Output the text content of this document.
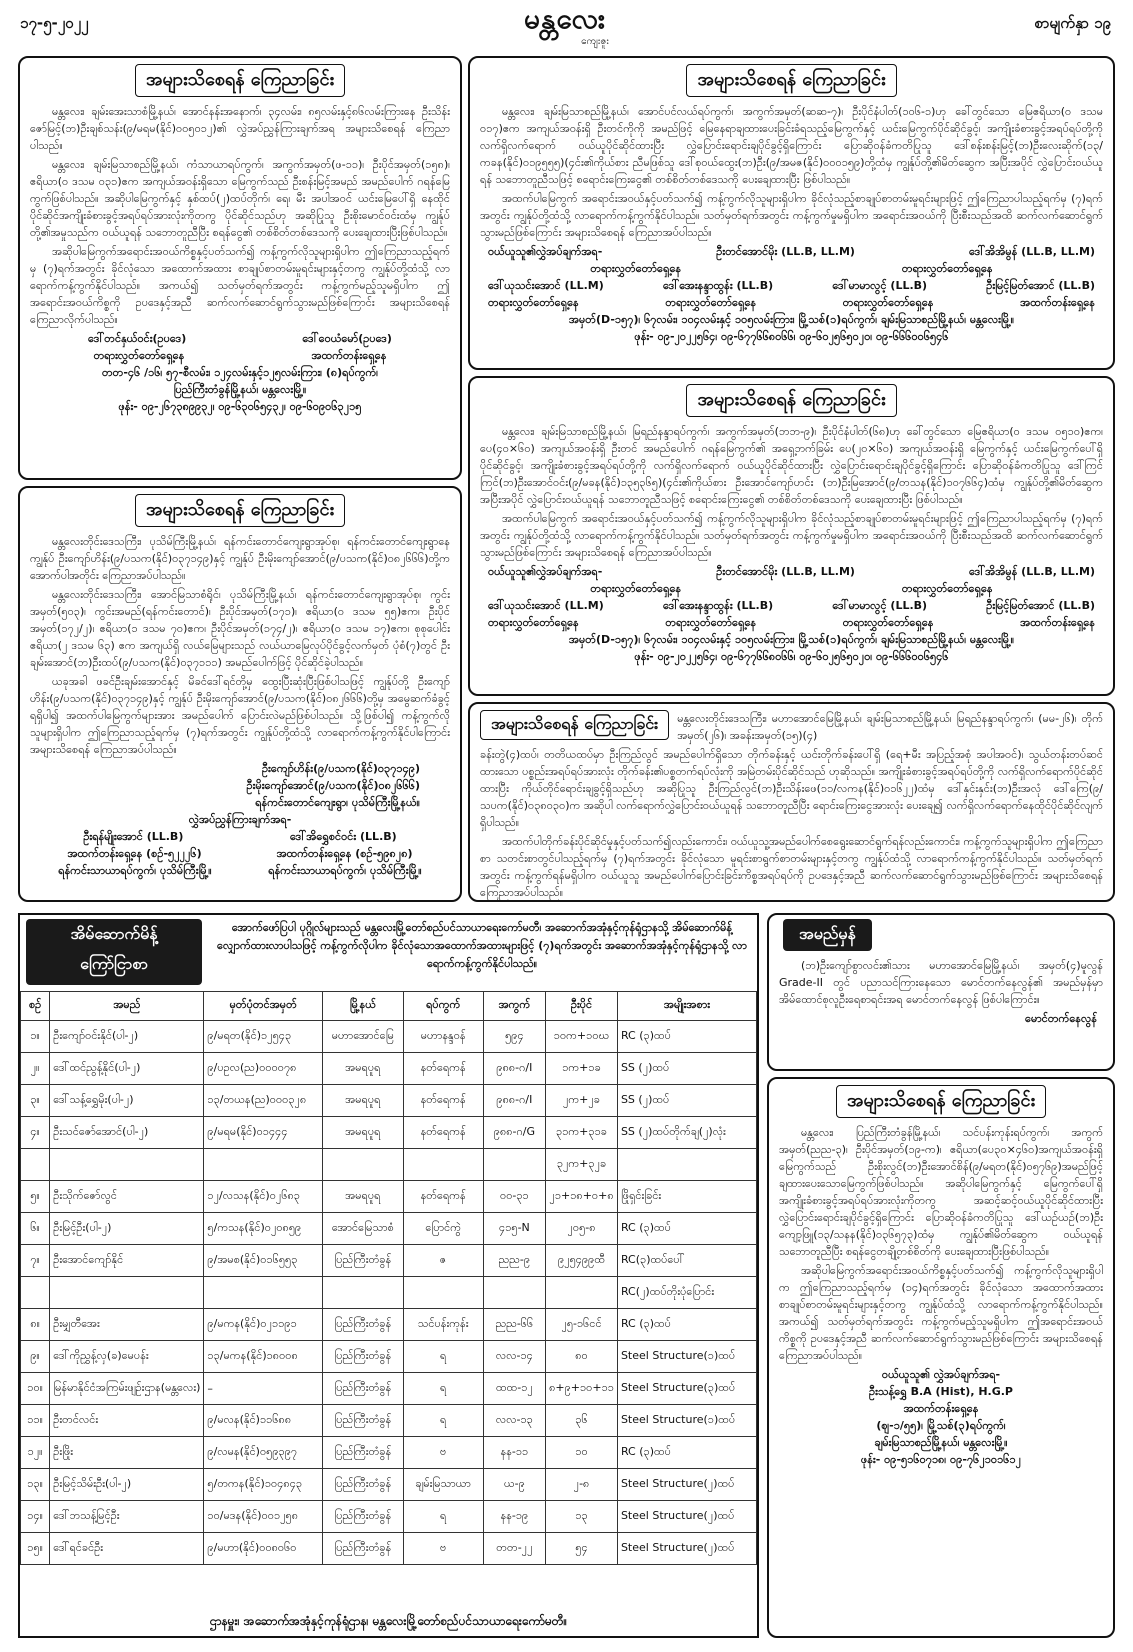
၁၇-၅-၂၀၂၂	မန္တလေး
ကျေးဇူး
စာမျက်နှာ ၁၉
အများသိစေရန် ကြေညာခြင်း

မန္တလေး၊ ချမ်းအေးသာစံမြို့နယ်၊ အောင်နန်းအနောက်၊ ၃၄လမ်း၊ ၈၅လမ်းနှင့်၈၆လမ်းကြားနေ ဦးသိန်းဇော်မြင့်(ဘ)ဦးချစ်သန်း(၉/မရမ(နိုင်)၀၀၅၀၁၂)၏ လွှဲအပ်ညွှန်ကြားချက်အရ အများသိစေရန် ကြေညာပါသည်။

မန္တလေး၊ ချမ်းမြသာစည်မြို့နယ်၊ ကံသာယာရပ်ကွက်၊ အကွက်အမှတ်(ဖ-၁၁)၊ ဦးပိုင်အမှတ်(၁၅၈)၊ ဧရိယာ(၀ ဒသမ ၀၃၁)ဧက အကျယ်အဝန်းရှိသော မြေကွက်သည် ဦးစန်းမြင့်အမည် အမည်ပေါက် ဂရန်မြေကွက်ဖြစ်ပါသည်။ အဆိုပါမြေကွက်နှင့် နှစ်ထပ်(၂)ထပ်တိုက်၊ ရေ၊ မီး အပါအဝင် ယင်းမြေပေါ်ရှိ နေထိုင်ပိုင်ဆိုင်အကျိုးခံစားခွင့်အရပ်ရပ်အားလုံးကိုတကွ ပိုင်ဆိုင်သည်ဟု အဆိုပြုသူ ဦးစိုးမောင်ဝင်းထံမှ ကျွန်ုပ်တို့၏အမှုသည်က ဝယ်ယူရန် သဘောတူညီပြီး စရန်ငွေ၏ တစ်စိတ်တစ်ဒေသကို ပေးချေထားပြီးဖြစ်ပါသည်။

အဆိုပါမြေကွက်အရောင်းအဝယ်ကိစ္စနှင့်ပတ်သက်၍ ကန့်ကွက်လိုသူများရှိပါက ဤကြေညာသည့်ရက်မှ (၇)ရက်အတွင်း ခိုင်လုံသော အထောက်အထား စာချုပ်စာတမ်းမူရင်းများနှင့်တကွ ကျွန်ုပ်တို့ထံသို့ လာရောက်ကန့်ကွက်နိုင်ပါသည်။ အကယ်၍ သတ်မှတ်ရက်အတွင်း ကန့်ကွက်မည့်သူမရှိပါက ဤအရောင်းအဝယ်ကိစ္စကို ဥပဒေနှင့်အညီ ဆက်လက်ဆောင်ရွက်သွားမည်ဖြစ်ကြောင်း အများသိစေရန် ကြေညာလိုက်ပါသည်။

ဒေါ်တင်နှယ်ဝင်း(ဥပဒေ)	ဒေါ်ဝေယံမော်(ဥပဒေ)
တရားလွှတ်တော်ရှေ့နေ	အထက်တန်းရှေ့နေ
တတ-၄၆ /၁၆၊ ၅၇-စီလမ်း၊ ၁၂၄လမ်းနှင့်၁၂၅လမ်းကြား၊ (၈)ရပ်ကွက်၊
ပြည်ကြီးတံခွန်မြို့နယ်၊ မန္တလေးမြို့။
ဖုန်း- ၀၉-၂၆၇၃၈၉၉၃၂၊ ၀၉-၆၃၀၆၅၄၃၂၊ ၀၉-၆၀၉၀၆၃၂၁၅
အများသိစေရန် ကြေညာခြင်း

မန္တလေး၊ ချမ်းမြသာစည်မြို့နယ်၊ အောင်ပင်လယ်ရပ်ကွက်၊ အကွက်အမှတ်(ဆဆ-၇)၊ ဦးပိုင်နံပါတ်(၁၀၆-၁)ဟု ခေါ်တွင်သော မြေဧရိယာ(၀ ဒသမ ၀၁၇)ဧက အကျယ်အဝန်းရှိ ဦးတင်ကိုကို အမည်ဖြင့် မြေနေရာချထားပေးခြင်းခံရသည့်မြေကွက်နှင့် ယင်းမြေကွက်ပိုင်ဆိုင်ခွင့်၊ အကျိုးခံစားခွင့်အရပ်ရပ်တို့ကို လက်ရှိလက်ရောက် ဝယ်ယူပိုင်ဆိုင်ထားပြီး လွှဲပြောင်းရောင်းချပိုင်ခွင့်ရှိကြောင်း ပြောဆိုဝန်ခံကတိပြုသူ ဒေါ်စန်းစန်းမြင့်(ဘ)ဦးလေးဆိုက်(၁၃/ကခန(နိုင်)၀၁၉၅၅၅)(၄င်း၏ကိုယ်စား ညီမဖြစ်သူ ဒေါ်စုဝယ်ထွေး(ဘ)ဦး(၉/အမဇ(နိုင်)၀၀၀၁၅၉)တို့ထံမှ ကျွန်ုပ်တို့၏မိတ်ဆွေက အပြီးအပိုင် လွှဲပြောင်းဝယ်ယူရန် သဘောတူညီသဖြင့် စရောင်းကြေးငွေ၏ တစ်စိတ်တစ်ဒေသကို ပေးချေထားပြီး ဖြစ်ပါသည်။

အထက်ပါမြေကွက် အရောင်းအဝယ်နှင့်ပတ်သက်၍ ကန့်ကွက်လိုသူများရှိပါက ခိုင်လုံသည့်စာချုပ်စာတမ်းမူရင်းများဖြင့် ဤကြေညာပါသည့်ရက်မှ (၇)ရက်အတွင်း ကျွန်ုပ်တို့ထံသို့ လာရောက်ကန့်ကွက်နိုင်ပါသည်။ သတ်မှတ်ရက်အတွင်း ကန့်ကွက်မှုမရှိပါက အရောင်းအဝယ်ကို ပြီးစီးသည်အထိ ဆက်လက်ဆောင်ရွက်သွားမည်ဖြစ်ကြောင်း အများသိစေရန် ကြေညာအပ်ပါသည်။

ဝယ်ယူသူ၏လွှဲအပ်ချက်အရ-	ဦးတင်အောင်မိုး (LL.B, LL.M)	ဒေါ်အိအိမွန် (LL.B, LL.M)
တရားလွှတ်တော်ရှေ့နေ	တရားလွှတ်တော်ရှေ့နေ
ဒေါ်ယုသင်းအောင် (LL.M)	ဒေါ်အေးနန္ဒာထွန်း (LL.B)	ဒေါ်မာမာလွင့် (LL.B)	ဦးမြင့်မြတ်အောင် (LL.B)
တရားလွှတ်တော်ရှေ့နေ	တရားလွှတ်တော်ရှေ့နေ	တရားလွှတ်တော်ရှေ့နေ	အထက်တန်းရှေ့နေ
အမှတ်(D-၁၅၇)၊ ၆၇လမ်း၊ ၁၀၄လမ်းနှင့် ၁၀၅လမ်းကြား၊ မြို့သစ်(၁)ရပ်ကွက်၊ ချမ်းမြသာစည်မြို့နယ်၊ မန္တလေးမြို့။
ဖုန်း- ၀၉-၂၀၂၂၅၆၄၊ ၀၉-၆၇၇၆၆၈၀၆၆၊ ၀၉-၆၀၂၅၆၅၀၂၀၊ ၀၉-၆၆၆၀၀၆၅၄၆
အများသိစေရန် ကြေညာခြင်း

မန္တလေး၊ ချမ်းမြသာစည်မြို့နယ်၊ မြရည်နန္ဒာရပ်ကွက်၊ အကွက်အမှတ်(ဘဘ-၉)၊ ဦးပိုင်နံပါတ်(၆၈)ဟု ခေါ်တွင်သော မြေဧရိယာ(၀ ဒသမ ၀၅၁၀)ဧက၊ ပေ(၄၀×၆၀) အကျယ်အဝန်းရှိ ဦးတင် အမည်ပေါက် ဂရန်မြေကွက်၏ အရှေ့ဘက်ခြမ်း ပေ(၂၀×၆၀) အကျယ်အဝန်းရှိ မြေကွက်နှင့် ယင်းမြေကွက်ပေါ်ရှိ ပိုင်ဆိုင်ခွင့်၊ အကျိုးခံစားခွင့်အရပ်ရပ်တို့ကို လက်ရှိလက်ရောက် ဝယ်ယူပိုင်ဆိုင်ထားပြီး လွှဲပြောင်းရောင်းချပိုင်ခွင့်ရှိကြောင်း ပြောဆိုဝန်ခံကတိပြုသူ ဒေါ်ကြင်ကြင်(ဘ)ဦးအောင်ဝင်း(၉/မခန(နိုင်)၁၃၅၃၆၅)(၄င်း၏ကိုယ်စား ဦးအောင်ကျော်ဟင်း (ဘ)ဦးမြအောင်(၉/တသန(နိုင်)၁၀၇၆၆၄)ထံမှ ကျွန်ုပ်တို့၏မိတ်ဆွေက အပြီးအပိုင် လွှဲပြောင်းဝယ်ယူရန် သဘောတူညီသဖြင့် စရောင်းကြေးငွေ၏ တစ်စိတ်တစ်ဒေသကို ပေးချေထားပြီး ဖြစ်ပါသည်။

အထက်ပါမြေကွက် အရောင်းအဝယ်နှင့်ပတ်သက်၍ ကန့်ကွက်လိုသူများရှိပါက ခိုင်လုံသည့်စာချုပ်စာတမ်းမူရင်းများဖြင့် ဤကြေညာပါသည့်ရက်မှ (၇)ရက်အတွင်း ကျွန်ုပ်တို့ထံသို့ လာရောက်ကန့်ကွက်နိုင်ပါသည်။ သတ်မှတ်ရက်အတွင်း ကန့်ကွက်မှုမရှိပါက အရောင်းအဝယ်ကို ပြီးစီးသည်အထိ ဆက်လက်ဆောင်ရွက်သွားမည်ဖြစ်ကြောင်း အများသိစေရန် ကြေညာအပ်ပါသည်။

ဝယ်ယူသူ၏လွှဲအပ်ချက်အရ-	ဦးတင်အောင်မိုး (LL.B, LL.M)	ဒေါ်အိအိမွန် (LL.B, LL.M)
တရားလွှတ်တော်ရှေ့နေ	တရားလွှတ်တော်ရှေ့နေ
ဒေါ်ယုသင်းအောင် (LL.M)	ဒေါ်အေးနန္ဒာထွန်း (LL.B)	ဒေါ်မာမာလွင့် (LL.B)	ဦးမြင့်မြတ်အောင် (LL.B)
တရားလွှတ်တော်ရှေ့နေ	တရားလွှတ်တော်ရှေ့နေ	တရားလွှတ်တော်ရှေ့နေ	အထက်တန်းရှေ့နေ
အမှတ်(D-၁၅၇)၊ ၆၇လမ်း၊ ၁၀၄လမ်းနှင့် ၁၀၅လမ်းကြား၊ မြို့သစ်(၁)ရပ်ကွက်၊ ချမ်းမြသာစည်မြို့နယ်၊ မန္တလေးမြို့။
ဖုန်း- ၀၉-၂၀၂၂၅၆၄၊ ၀၉-၆၇၇၆၆၈၀၆၆၊ ၀၉-၆၀၂၅၆၅၀၂၀၊ ၀၉-၆၆၆၀၀၆၅၄၆
အများသိစေရန် ကြေညာခြင်း

မန္တလေးတိုင်းဒေသကြီး၊ ပုသိမ်ကြီးမြို့နယ်၊ ရန်ကင်းတောင်ကျေးရွာအုပ်စု၊ ရန်ကင်းတောင်ကျေးရွာနေ ကျွန်ုပ် ဦးကျော်ဟိန်း(၉/ပသက(နိုင်)၀၃၇၁၄၉)နှင့် ကျွန်ုပ် ဦးမိုးကျော်အောင်(၉/ပသက(နိုင်)၀၈၂၆၆၆)တို့က အောက်ပါအတိုင်း ကြေညာအပ်ပါသည်။

မန္တလေးတိုင်းဒေသကြီး၊ အောင်မြသာစံရိုင်၊ ပုသိမ်ကြီးမြို့နယ်၊ ရန်ကင်းတောင်ကျေးရွာအုပ်စု၊ ကွင်းအမှတ်(၅၀၃)၊ ကွင်းအမည်(ရန်ကင်းတောင်)၊ ဦးပိုင်အမှတ်(၁၇၁)၊ ဧရိယာ(၀ ဒသမ ၅၅)ဧက၊ ဦးပိုင်အမှတ်(၁၇၂/၂)၊ ဧရိယာ(၁ ဒသမ ၇၀)ဧက၊ ဦးပိုင်အမှတ်(၁၇၄/၂)၊ ဧရိယာ(၀ ဒသမ ၁၇)ဧက၊ စုစုပေါင်း ဧရိယာ(၂ ဒသမ ၆၃) ဧက အကျယ်ရှိ လယ်မြေများသည် လယ်ယာမြေလုပ်ပိုင်ခွင့်လက်မှတ် ပုံစံ(၇)တွင် ဦးချမ်းအောင်(ဘ)ဦးထပ်(၉/ပသက(နိုင်)၀၃၇၁၁၁) အမည်ပေါက်ဖြင့် ပိုင်ဆိုင်ခဲ့ပါသည်။

ယခုအခါ ဖခင်ဦးချမ်းအောင်နှင့် မိခင်ဒေါ်ရင်တို့မှ ထွေးပြီးဆုံးပြီးဖြစ်ပါသဖြင့် ကျွန်ုပ်တို့ ဦးကျော်ဟိန်း(၉/ပသက(နိုင်)၀၃၇၁၄၉)နှင့် ကျွန်ုပ် ဦးမိုးကျော်အောင်(၉/ပသက(နိုင်)၀၈၂၆၆၆)တို့မှ အမွေဆက်ခံခွင့်ရရှိပါ၍ အထက်ပါမြေကွက်များအား အမည်ပေါက် ပြောင်းလဲမည်ဖြစ်ပါသည်။ သို့ဖြစ်ပါ၍ ကန့်ကွက်လိုသူများရှိပါက ဤကြေညာသည့်ရက်မှ (၇)ရက်အတွင်း ကျွန်ုပ်တို့ထံသို့ လာရောက်ကန့်ကွက်နိုင်ပါကြောင်း အများသိစေရန် ကြေညာအပ်ပါသည်။

ဦးကျော်ဟိန်း(၉/ပသက(နိုင်)၀၃၇၁၄၉)
ဦးမိုးကျော်အောင်(၉/ပသက(နိုင်)၀၈၂၆၆၆)
ရန်ကင်းတောင်ကျေးရွာ၊ ပုသိမ်ကြီးမြို့နယ်။
လွှဲအပ်ညွှန်ကြားချက်အရ-
ဦးရန်မျိုးအောင် (LL.B)	ဒေါ်အိရွှေစင်ဝင်း (LL.B)
အထက်တန်းရှေ့နေ (စဥ်-၅၂၂၂၆)	အထက်တန်းရှေ့နေ (စဥ်-၅၉၈၂၈)
ရန်ကင်းသာယာရပ်ကွက်၊ ပုသိမ်ကြီးမြို့။	ရန်ကင်းသာယာရပ်ကွက်၊ ပုသိမ်ကြီးမြို့။
အများသိစေရန် ကြေညာခြင်း	မန္တလေးတိုင်းဒေသကြီး၊ မဟာအောင်မြေမြို့နယ်၊ ချမ်းမြသာစည်မြို့နယ်၊ မြရည်နန္ဒာရပ်ကွက်၊ (မမ-၂၆)၊ တိုက်အမှတ်(၂၆)၊ အခန်းအမှတ်(၁၅)(၄)

ခန်းတွဲ(၄)ထပ်၊ တတိယထပ်မှာ ဦးကြည်လွင် အမည်ပေါက်ရှိသော တိုက်ခန်းနှင့် ယင်းတိုက်ခန်းပေါ်ရှိ (ရေ+မီး အပြည့်အစုံ အပါအဝင်)၊ သွယ်တန်းတပ်ဆင်ထားသော ပစ္စည်းအရပ်ရပ်အားလုံး တိုက်ခန်း၏ပစ္စတက်ရပ်လုံးကို အမြဲတမ်းပိုင်ဆိုင်သည် ဟုဆိုသည်။ အကျိုးခံစားခွင့်အရပ်ရပ်တို့ကို လက်ရှိလက်ရောက်ပိုင်ဆိုင်ထားပြီး ကိုယ်တိုင်ရောင်းချခွင့်ရှိသည်ဟု အဆိုပြုသူ ဦးကြည်လွင်(ဘ)ဦးသိန်းဖေ(၁၁/လကန(နိုင်)၀၁၆၂၂)ထံမှ ဒေါ်နှင်းနှင်း(ဘ)ဦးအလုံ ဒေါ်ကြေ(၉/သပက(နိုင်)၀၃၈၀၃၀)က အဆိုပါ လက်ရောက်လွှဲပြောင်းဝယ်ယူရန် သဘောတူညီပြီး ရောင်းကြေးငွေအားလုံး ပေးချေ၍ လက်ရှိလက်ရောက်နေထိုင်ပိုင်ဆိုင်လျက်ရှိပါသည်။

အထက်ပါတိုက်ခန်းပိုင်ဆိုင်မှုနှင့်ပတ်သက်၍လည်းကောင်း၊ ဝယ်ယူသူ့အမည်ပေါက်စေရွေးဆောင်ရွက်ရန်လည်းကောင်း၊ ကန့်ကွက်သူများရှိပါက ဤကြေညာစာ သတင်းစာတွင်ပါသည့်ရက်မှ (၇)ရက်အတွင်း ခိုင်လုံသော မူရင်းစာရွက်စာတမ်းများနှင့်တကွ ကျွန်ုပ်ထံသို့ လာရောက်ကန့်ကွက်နိုင်ပါသည်။ သတ်မှတ်ရက်အတွင်း ကန့်ကွက်ရန်မရှိပါက ဝယ်ယူသူ အမည်ပေါက်ပြောင်းခြင်းကိစ္စအရပ်ရပ်ကို ဥပဒေနှင့်အညီ ဆက်လက်ဆောင်ရွက်သွားမည်ဖြစ်ကြောင်း အများသိစေရန် ကြေညာအပ်ပါသည်။

အိမ်ဆောက်မိန့်
ကြော်ငြာစာ
အောက်ဖော်ပြပါ ပုဂ္ဂိုလ်များသည် မန္တလေးမြို့တော်စည်ပင်သာယာရေးကော်မတီ၊ အဆောက်အအုံနှင့်ကုန်ရုံဌာနသို့ အိမ်ဆောက်မိန့် လျှောက်ထားလာပါသဖြင့် ကန့်ကွက်လိုပါက ခိုင်လုံသောအထောက်အထားများဖြင့် (၇)ရက်အတွင်း အဆောက်အအုံနှင့်ကုန်ရုံဌာနသို့ လာရောက်ကန့်ကွက်နိုင်ပါသည်။
စဉ်	အမည်	မှတ်ပုံတင်အမှတ်	မြို့နယ်	ရပ်ကွက်	အကွက်	ဦးပိုင်	အမျိုးအစား
၁။	ဦးကျော်ဝင်းနိုင်(ပါ-၂)	၉/မရတ(နိုင်)၁၂၅၄၃	မဟာအောင်မြေ	မဟာနန္ဒဝန်	၅၉၄	၁၀က+၁၀ဃ	RC (၃)ထပ်
၂။	ဒေါ်ထင်ညွန့်နိုင်(ပါ-၂)	၉/ပဥလ(ည)၀၀၀၀၇၈	အမရပူရ	နတ်ရေကန်	၉၈၈-ဂ/I	၁က+၁ခ	SS (၂)ထပ်
၃။	ဒေါ်သန့်ရွှေမိုး(ပါ-၂)	၁၃/တယန(ည)၀၀၀၃၂၈	အမရပူရ	နတ်ရေကန်	၉၈၈-ဂ/I	၂က+၂ခ	SS (၂)ထပ်
၄။	ဦးသင်ဇော်အောင်(ပါ-၂)	၉/မရမ(နိုင်)၀၁၄၄၄	အမရပူရ	နတ်ရေကန်	၉၈၈-ဂ/G	၃၁က+၃၁ခ	SS (၂)ထပ်တိုက်ချ(၂)လုံး
						၃၂က+၃၂ခ	
၅။	ဦးသိုက်ဇော်လွင်	၁၂/လသန(နိုင်)၀၂၆၈၃	အမရပူရ	နတ်ရေကန်	၀၀-၃၁	၂၁+၁၈+၀+၈	ဖြိုရှင်းခြင်း
၆။	ဦးမြင့်ဦး(ပါ-၂)	၅/ကသန(နိုင်)၀၂၀၈၅၉	အောင်မြေသာစံ	ပြောင်ကွဲ	၄၁၅-N	၂၀၅-၈	RC (၃)ထပ်
၇။	ဦးအောင်ကျော်နိုင်	၉/အမစ(နိုင်)၀၁၆၅၅၃	ပြည်ကြီးတံခွန်	ဇ	ညည-၉	၉၂၅၄၉၉ထီ	RC(၃)ထပ်ပေါ်
							RC(၂)ထပ်တိုးပုံပြောင်း
၈။	ဦးမျှတီအေး	၉/မကန(နိုင်)၀၂၁၁၉၁	ပြည်ကြီးတံခွန်	သင်ပန်းကုန်း	ညည-၆၆	၂၅-၁၆ငင်	RC (၃)ထပ်
၉။	ဒေါ်ကိုညွှန့်လှ(ခ)မေပန်း	၁၃/မကန(နိုင်)၁၈၀၀၈	ပြည်ကြီးတံခွန်	ရ	လလ-၁၄	၈၀	Steel Structure(၁)ထပ်
၁၀။	မြန်မာနိုင်ငံအကြမ်းဖျဉ်းဌာန(မန္တလေး)	–	ပြည်ကြီးတံခွန်	ရ	ထထ-၁၂	၈+၉+၁၀+၁၁	Steel Structure(၃)ထပ်
၁၁။	ဦးတင်လင်း	၉/မလန(နိုင်)၁၁၆၈၈	ပြည်ကြီးတံခွန်	ရ	လလ-၁၃	၃၆	Steel Structure(၁)ထပ်
၁၂။	ဦးဖြိုး	၉/လမန(နိုင်)၀၅၉၃၉၇	ပြည်ကြီးတံခွန်	ဗ	နန-၁၁	၁၀	RC (၃)ထပ်
၁၃။	ဦးမြင့်သိမ်းဦး(ပါ-၂)	၅/တကန(နိုင်)၁၀၄၈၄၃	ပြည်ကြီးတံခွန်	ချမ်းမြသာယာ	ယ-၉	၂-၈	Steel Structure(၂)ထပ်
၁၄။	ဒေါ်ဘသန့်မြင့်ဦး	၁၀/မဒန(နိုင်)၀၀၁၂၅၈	ပြည်ကြီးတံခွန်	ရ	နန-၁၉	၁၃	Steel Structure(၂)ထပ်
၁၅။	ဒေါ်ရင်ခင်ဦး	၉/မဟာ(နိုင်)၀၀၈၀၆၀	ပြည်ကြီးတံခွန်	ဗ	တတ-၂၂	၅၄	Steel Structure(၂)ထပ်
ဌာနမှူး၊ အဆောက်အအုံနှင့်ကုန်ရုံဌာန၊ မန္တလေးမြို့တော်စည်ပင်သာယာရေးကော်မတီ။
အမည်မှန်

(ဘ)ဦးကျော်စွာလင်း၏သား မဟာအောင်မြေမြို့နယ်၊ အမှတ်(၄)မူလွန် Grade-II တွင် ပညာသင်ကြားနေသော မောင်တက်နေလွန်၏ အမည်မှန်မှာ အိမ်ထောင်စုလူဦးရေစာရင်းအရ မောင်တက်နေလွန် ဖြစ်ပါကြောင်း။

မောင်တက်နေလွန်
အများသိစေရန် ကြေညာခြင်း

မန္တလေး၊ ပြည်ကြီးတံခွန်မြို့နယ်၊ သင်ပန်းကုန်းရပ်ကွက်၊ အကွက်အမှတ်(ညည-၃)၊ ဦးပိုင်အမှတ်(၁၉-က)၊ ဧရိယာ(ပေ၃၀×၄၆၀)အကျယ်အဝန်းရှိ မြေကွက်သည် ဦးစိုးလွင်(ဘ)ဦးအောင်စိန်(၉/မရတ(နိုင်)၀၅၇၆၉)အမည်ဖြင့် ချထားပေးသောမြေကွက်ဖြစ်ပါသည်။ အဆိုပါမြေကွက်နှင့် မြေကွက်ပေါ်ရှိ အကျိုးခံစားခွင့်အရပ်ရပ်အားလုံးကိုတကွ အဆင့်ဆင့်ဝယ်ယူပိုင်ဆိုင်ထားပြီး လွှဲပြောင်းရောင်းချပိုင်ခွင့်ရှိကြောင်း ပြောဆိုဝန်ခံကတိပြုသူ ဒေါ်ယဉ်ယဉ်(ဘ)ဦးကျော့ဖြူ(၁၃/သနန(နိုင်)၀၃၆၅၇၃)ထံမှ ကျွန်ုပ်၏မိတ်ဆွေက ဝယ်ယူရန် သဘောတူညီပြီး စရန်ငွေတချို့တစ်စိတ်ကို ပေးချေထားပြီးဖြစ်ပါသည်။

အဆိုပါမြေကွက်အရောင်းအဝယ်ကိစ္စနှင့်ပတ်သက်၍ ကန့်ကွက်လိုသူများရှိပါက ဤကြေညာသည့်ရက်မှ (၁၄)ရက်အတွင်း ခိုင်လုံသော အထောက်အထား စာချုပ်စာတမ်းမူရင်းများနှင့်တကွ ကျွန်ုပ်ထံသို့ လာရောက်ကန့်ကွက်နိုင်ပါသည်။ အကယ်၍ သတ်မှတ်ရက်အတွင်း ကန့်ကွက်မည့်သူမရှိပါက ဤအရောင်းအဝယ်ကိစ္စကို ဥပဒေနှင့်အညီ ဆက်လက်ဆောင်ရွက်သွားမည်ဖြစ်ကြောင်း အများသိစေရန် ကြေညာအပ်ပါသည်။

ဝယ်ယူသူ၏ လွှဲအပ်ချက်အရ-
ဦးသန့်ရွှေ B.A (Hist), H.G.P
အထက်တန်းရှေ့နေ
(ဈ-၁/၅၅)၊ မြို့သစ်(၃)ရပ်ကွက်၊
ချမ်းမြသာစည်မြို့နယ်၊ မန္တလေးမြို့။
ဖုန်း- ၀၉-၅၁၆၀၇၁၈၊ ၀၉-၇၆၂၁၀၁၆၁၂
